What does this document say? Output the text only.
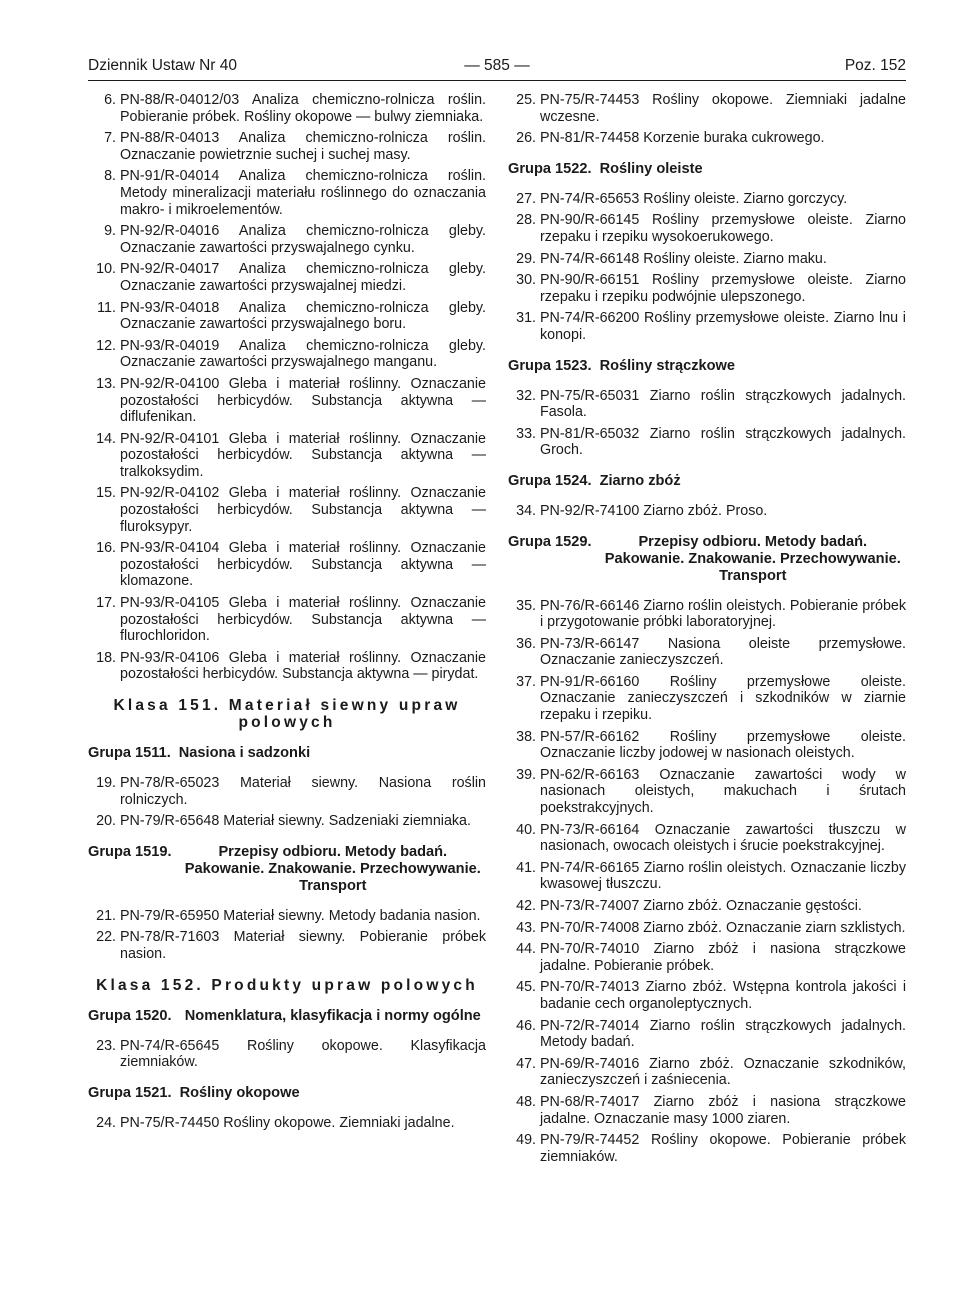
Dziennik Ustaw Nr 40	— 585 —	Poz. 152
6. PN-88/R-04012/03 Analiza chemiczno-rolnicza roślin. Pobieranie próbek. Rośliny okopowe — bulwy ziemniaka.
7. PN-88/R-04013 Analiza chemiczno-rolnicza roślin. Oznaczanie powietrznie suchej i suchej masy.
8. PN-91/R-04014 Analiza chemiczno-rolnicza roślin. Metody mineralizacji materiału roślinnego do oznaczania makro- i mikroelementów.
9. PN-92/R-04016 Analiza chemiczno-rolnicza gleby. Oznaczanie zawartości przyswajalnego cynku.
10. PN-92/R-04017 Analiza chemiczno-rolnicza gleby. Oznaczanie zawartości przyswajalnej miedzi.
11. PN-93/R-04018 Analiza chemiczno-rolnicza gleby. Oznaczanie zawartości przyswajalnego boru.
12. PN-93/R-04019 Analiza chemiczno-rolnicza gleby. Oznaczanie zawartości przyswajalnego manganu.
13. PN-92/R-04100 Gleba i materiał roślinny. Oznaczanie pozostałości herbicydów. Substancja aktywna — diflufenikan.
14. PN-92/R-04101 Gleba i materiał roślinny. Oznaczanie pozostałości herbicydów. Substancja aktywna — tralkoksydim.
15. PN-92/R-04102 Gleba i materiał roślinny. Oznaczanie pozostałości herbicydów. Substancja aktywna — fluroksypyr.
16. PN-93/R-04104 Gleba i materiał roślinny. Oznaczanie pozostałości herbicydów. Substancja aktywna — klomazone.
17. PN-93/R-04105 Gleba i materiał roślinny. Oznaczanie pozostałości herbicydów. Substancja aktywna — flurochloridon.
18. PN-93/R-04106 Gleba i materiał roślinny. Oznaczanie pozostałości herbicydów. Substancja aktywna — pirydat.
Klasa 151. Materiał siewny upraw polowych
Grupa 1511. Nasiona i sadzonki
19. PN-78/R-65023 Materiał siewny. Nasiona roślin rolniczych.
20. PN-79/R-65648 Materiał siewny. Sadzeniaki ziemniaka.
Grupa 1519.	Przepisy odbioru. Metody badań. Pakowanie. Znakowanie. Przechowywanie. Transport
21. PN-79/R-65950 Materiał siewny. Metody badania nasion.
22. PN-78/R-71603 Materiał siewny. Pobieranie próbek nasion.
Klasa 152. Produkty upraw polowych
Grupa 1520. Nomenklatura, klasyfikacja i normy ogólne
23. PN-74/R-65645 Rośliny okopowe. Klasyfikacja ziemniaków.
Grupa 1521. Rośliny okopowe
24. PN-75/R-74450 Rośliny okopowe. Ziemniaki jadalne.
25. PN-75/R-74453 Rośliny okopowe. Ziemniaki jadalne wczesne.
26. PN-81/R-74458 Korzenie buraka cukrowego.
Grupa 1522. Rośliny oleiste
27. PN-74/R-65653 Rośliny oleiste. Ziarno gorczycy.
28. PN-90/R-66145 Rośliny przemysłowe oleiste. Ziarno rzepaku i rzepiku wysokoerukowego.
29. PN-74/R-66148 Rośliny oleiste. Ziarno maku.
30. PN-90/R-66151 Rośliny przemysłowe oleiste. Ziarno rzepaku i rzepiku podwójnie ulepszonego.
31. PN-74/R-66200 Rośliny przemysłowe oleiste. Ziarno lnu i konopi.
Grupa 1523. Rośliny strączkowe
32. PN-75/R-65031 Ziarno roślin strączkowych jadalnych. Fasola.
33. PN-81/R-65032 Ziarno roślin strączkowych jadalnych. Groch.
Grupa 1524. Ziarno zbóż
34. PN-92/R-74100 Ziarno zbóż. Proso.
Grupa 1529.	Przepisy odbioru. Metody badań. Pakowanie. Znakowanie. Przechowywanie. Transport
35. PN-76/R-66146 Ziarno roślin oleistych. Pobieranie próbek i przygotowanie próbki laboratoryjnej.
36. PN-73/R-66147 Nasiona oleiste przemysłowe. Oznaczanie zanieczyszczeń.
37. PN-91/R-66160 Rośliny przemysłowe oleiste. Oznaczanie zanieczyszczeń i szkodników w ziarnie rzepaku i rzepiku.
38. PN-57/R-66162 Rośliny przemysłowe oleiste. Oznaczanie liczby jodowej w nasionach oleistych.
39. PN-62/R-66163 Oznaczanie zawartości wody w nasionach oleistych, makuchach i śrutach poekstrakcyjnych.
40. PN-73/R-66164 Oznaczanie zawartości tłuszczu w nasionach, owocach oleistych i śrucie poekstrakcyjnej.
41. PN-74/R-66165 Ziarno roślin oleistych. Oznaczanie liczby kwasowej tłuszczu.
42. PN-73/R-74007 Ziarno zbóż. Oznaczanie gęstości.
43. PN-70/R-74008 Ziarno zbóż. Oznaczanie ziarn szklistych.
44. PN-70/R-74010 Ziarno zbóż i nasiona strączkowe jadalne. Pobieranie próbek.
45. PN-70/R-74013 Ziarno zbóż. Wstępna kontrola jakości i badanie cech organoleptycznych.
46. PN-72/R-74014 Ziarno roślin strączkowych jadalnych. Metody badań.
47. PN-69/R-74016 Ziarno zbóż. Oznaczanie szkodników, zanieczyszczeń i zaśniecenia.
48. PN-68/R-74017 Ziarno zbóż i nasiona strączkowe jadalne. Oznaczanie masy 1000 ziaren.
49. PN-79/R-74452 Rośliny okopowe. Pobieranie próbek ziemniaków.
